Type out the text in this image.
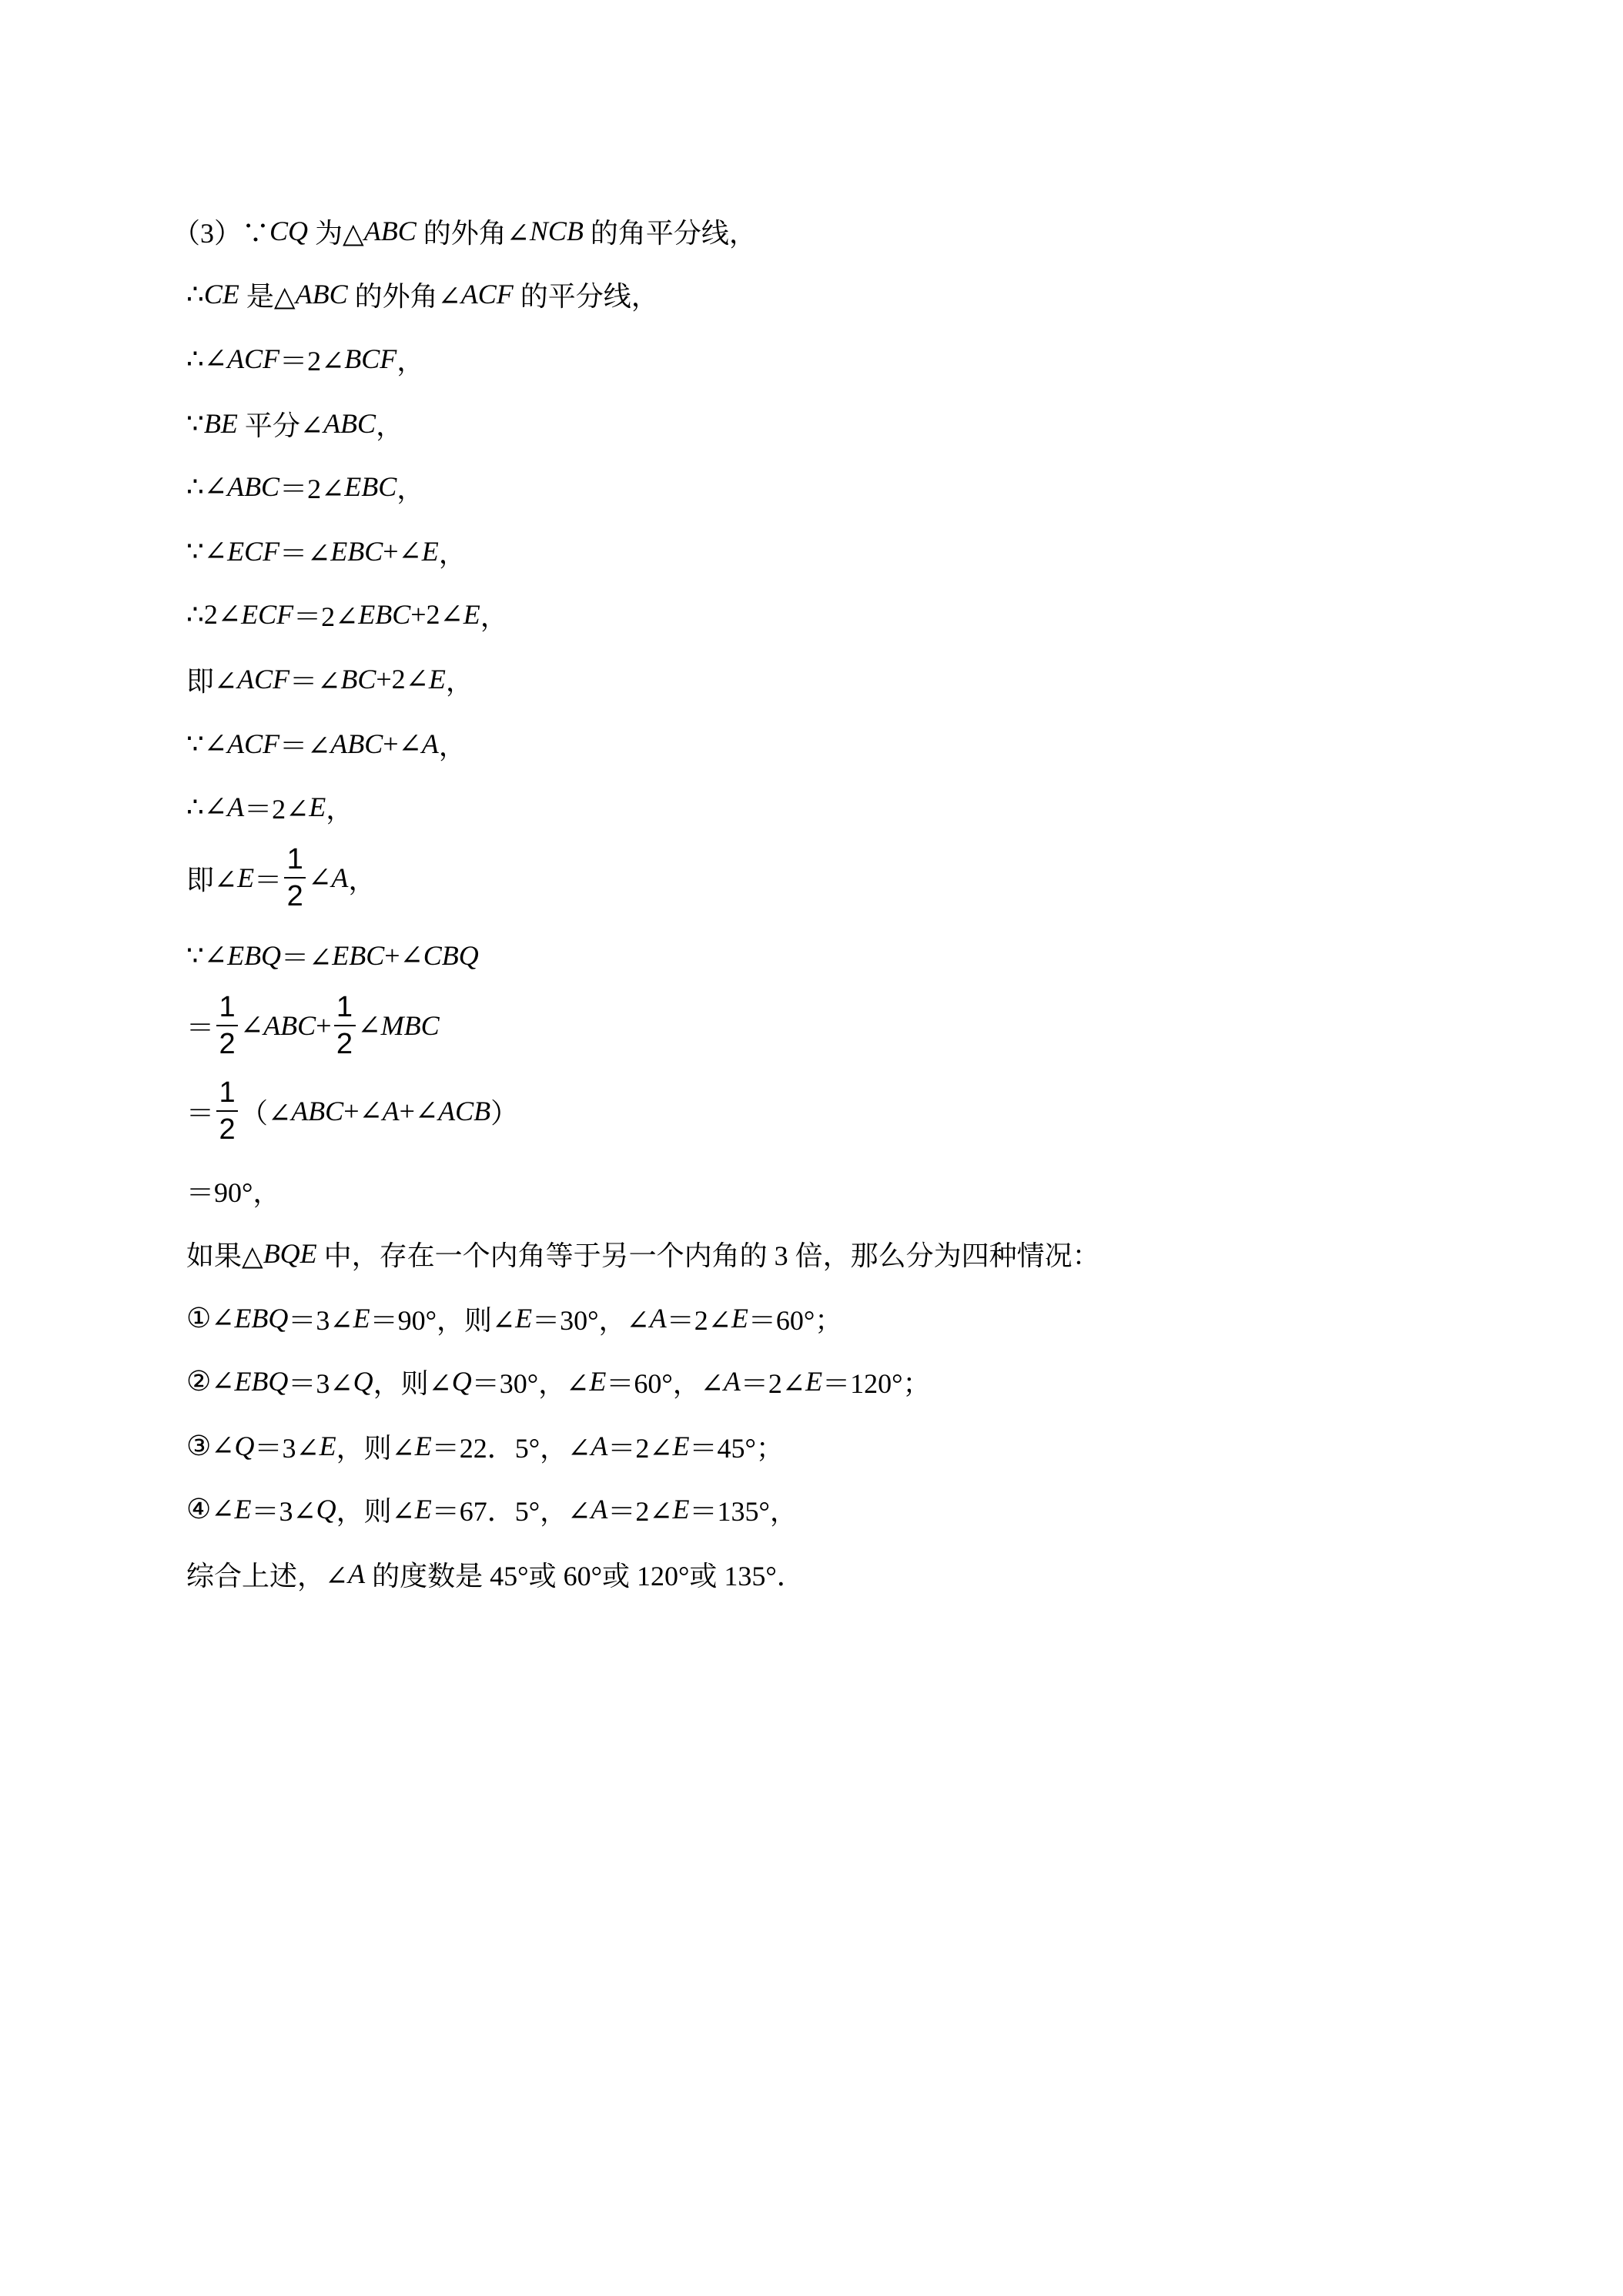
（3）∵ CQ 为△ ABC 的外角∠ NCB 的角平分线，
∴ CE 是△ ABC 的外角∠ ACF 的平分线，
∴∠ ACF ＝2∠ BCF ，
∵ BE 平分∠ ABC ，
∴∠ ABC ＝2∠ EBC ，
∵∠ ECF ＝∠ EBC +∠ E ，
∴2∠ ECF ＝2∠ EBC +2∠ E ，
即∠ ACF ＝∠ BC +2∠ E ，
∵∠ ACF ＝∠ ABC +∠ A ，
∴∠ A ＝2∠ E ，
即∠ $E = \frac{1}{2}$ ∠ A ，
∵∠ EBQ ＝∠ EBC +∠ CBQ
＝ $\frac{1}{2}$ ∠ ABC + $\frac{1}{2}$ ∠ MBC
＝ $\frac{1}{2}$ （∠ ABC +∠ A +∠ ACB ）
＝90°，
如果△ BQE 中，存在一个内角等于另一个内角的 3 倍，那么分为四种情况：
①∠ EBQ ＝3∠ E ＝90°，则∠ E ＝30°，∠ A ＝2∠ E ＝60°；
②∠ EBQ ＝3∠ Q ，则∠ Q ＝30°，∠ E ＝60°，∠ A ＝2∠ E ＝120°；
③∠ Q ＝3∠ E ，则∠ E ＝22．5°，∠ A ＝2∠ E ＝45°；
④∠ E ＝3∠ Q ，则∠ E ＝67．5°，∠ A ＝2∠ E ＝135°，
综合上述，∠ A 的度数是 45°或 60°或 120°或 135°．
